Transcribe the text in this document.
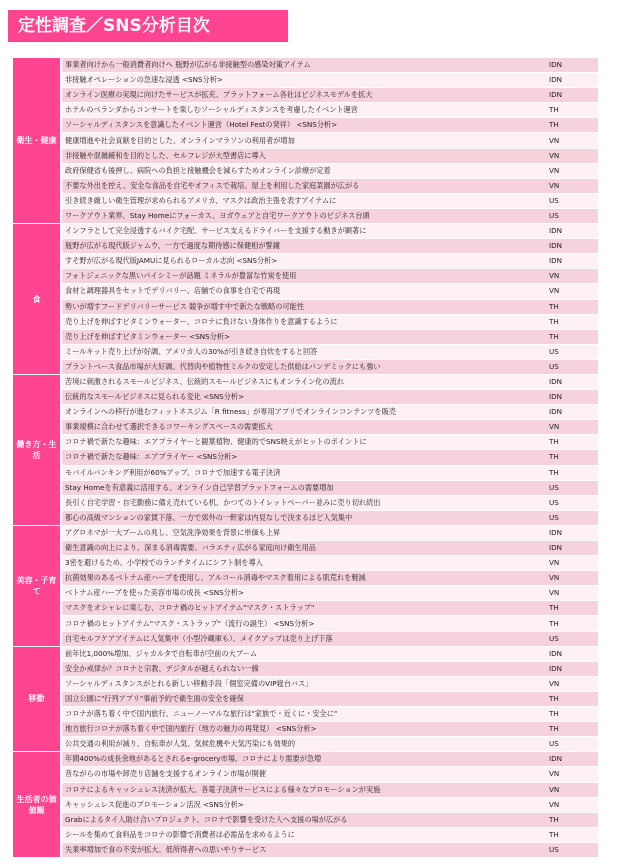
定性調査／SNS分析目次
衛生・健康	事業者向けから一般消費者向けへ 瓶野が広がる非接触型の感染対策アイテム	IDN
	非接触オペレーションの急速な浸透 <SNS分析>	IDN
	オンライン医療の実現に向けたサービスが拡充、プラットフォーム各社はビジネスモデルを拡大	IDN
	ホテルのベランダからコンサートを楽しむソーシャルディスタンスを考慮したイベント運営	TH
	ソーシャルディスタンスを意識したイベント運営（Hotel Festの発祥） <SNS分析>	TH
	健康増進や社会貢献を目的とした、オンラインマラソンの利用者が増加	VN
	非接触や混雑緩和を目的とした、セルフレジが大型書店に導入	VN
	政府保健省も後押し、病院への負担と接触機会を減らすためオンライン診療が定着	VN
	不要な外出を控え、安全な食品を自宅やオフィスで栽培、屋上を利用した家庭菜園が広がる	VN
	引き続き厳しい衛生管理が求められるアメリカ、マスクは政治主張を表すアイテムに	US
	ワークアウト業界、Stay Homeにフォーカス、ヨガウェアと自宅ワークアウトのビジネス台頭	US
食	インフラとして完全浸透するバイク宅配、サービス支えるドライバーを支援する動きが顕著に	IDN
	瓶野が広がる現代版ジャムウ、一方で過度な期待感に保健相が警鐘	IDN
	すそ野が広がる現代版JAMUに見られるローカル志向 <SNS分析>	IDN
	フォトジェニックな黒いパイシミーが話題 ミネラルが豊富な竹炭を使用	VN
	食材と調理器具をセットでデリバリー、店舗での食事を自宅で再現	VN
	勢いが増すフードデリバリーサービス 競争が増す中で新たな戦略の可能性	TH
	売り上げを伸ばすビタミンウォーター、コロナに負けない身体作りを意識するように	TH
	売り上げを伸ばすビタミンウォーター <SNS分析>	TH
	ミールキット売り上げが好調、アメリカ人の30%が引き続き自炊をすると回答	US
	プラントベース食品市場が大好調、代替肉や植物性ミルクの安定した供給はパンデミックにも強い	US
働き方・生活	苦境に刺激されるスモールビジネス、伝統的スモールビジネスにもオンライン化の流れ	IDN
	伝統的なスモールビジネスに見られる変化 <SNS分析>	IDN
	オンラインへの移行が進むフィットネスジム「R fitness」が専用アプリでオンラインコンテンツを販売	IDN
	事業規模に合わせて選択できるコワーキングスペースの需要拡大	VN
	コロナ禍で新たな趣味：エアプライヤーと観葉植物、健康的でSNS映えがヒットのポイントに	TH
	コロナ禍で新たな趣味：エアプライヤー <SNS分析>	TH
	モバイルバンキング利用が60%アップ、コロナで加速する電子決済	TH
	Stay Homeを有意義に活用する、オンライン自己学習プラットフォームの需要増加	US
	長引く自宅学習・自宅勤務に備え売れている机、かつてのトイレットペーパー並みに売り切れ続出	US
	都心の高級マンションの家賃下落、一方で郊外の一軒家は内見なしで決まるほど人気集中	US
美容・子育て	アグロネマが一大ブームの兆し、空気洗浄効果を背景に単価も上昇	IDN
	衛生意識の向上により、深まる消毒需要、バラエティ広がる家庭向け衛生用品	IDN
	3密を避けるため、小学校でのランチタイムにシフト制を導入	VN
	抗菌効果のあるベトナム産ハーブを使用し、アルコール消毒やマスク着用による肌荒れを軽減	VN
	ベトナム産ハーブを使った美容市場の成長 <SNS分析>	VN
	マスクをオシャレに楽しむ、コロナ禍のヒットアイテム"マスク・ストラップ"	TH
	コロナ禍のヒットアイテム"マスク・ストラップ"（流行の誕生） <SNS分析>	TH
	自宅セルフケアアイテムに人気集中（小型冷蔵庫も）、メイクアップは売り上げ下落	US
移動	前年比1,000%増加、ジャカルタで自転車が空前の大ブーム	IDN
	安全か戒律か？コロナと宗教、デジタルが越えられない一線	IDN
	ソーシャルディスタンスがとれる新しい移動手段「個室完備のVIP寝台バス」	VN
	国立公園に"行列アプリ"事前予約で衛生面の安全を確保	TH
	コロナが落ち着く中で国内旅行、ニューノーマルな旅行は"家族で・近くに・安全に"	TH
	地方旅行コロナが落ち着く中で国内旅行（地方の魅力の再発見） <SNS分析>	TH
	公共交通の利用が減り、自転車が人気、気候危機や大気汚染にも効果的	US
生活者の価値観	年間400%の成長余地があるとされるe-grocery市場、コロナにより需要が急増	IDN
	昔ながらの市場や卸売り店舗を支援するオンライン市場が開催	VN
	コロナによるキャッシュレス決済が拡大、各電子決済サービスによる様々なプロモーションが実施	VN
	キャッシュレス促進のプロモーション活況 <SNS分析>	VN
	Grabによるタイ人助け合いプロジェクト、コロナで影響を受けた人へ支援の場が広がる	TH
	シールを集めて食料品をコロナの影響で消費者は必需品を求めるように	TH
	失業率増加で食の不安が拡大、低所得者への思いやりサービス	US
